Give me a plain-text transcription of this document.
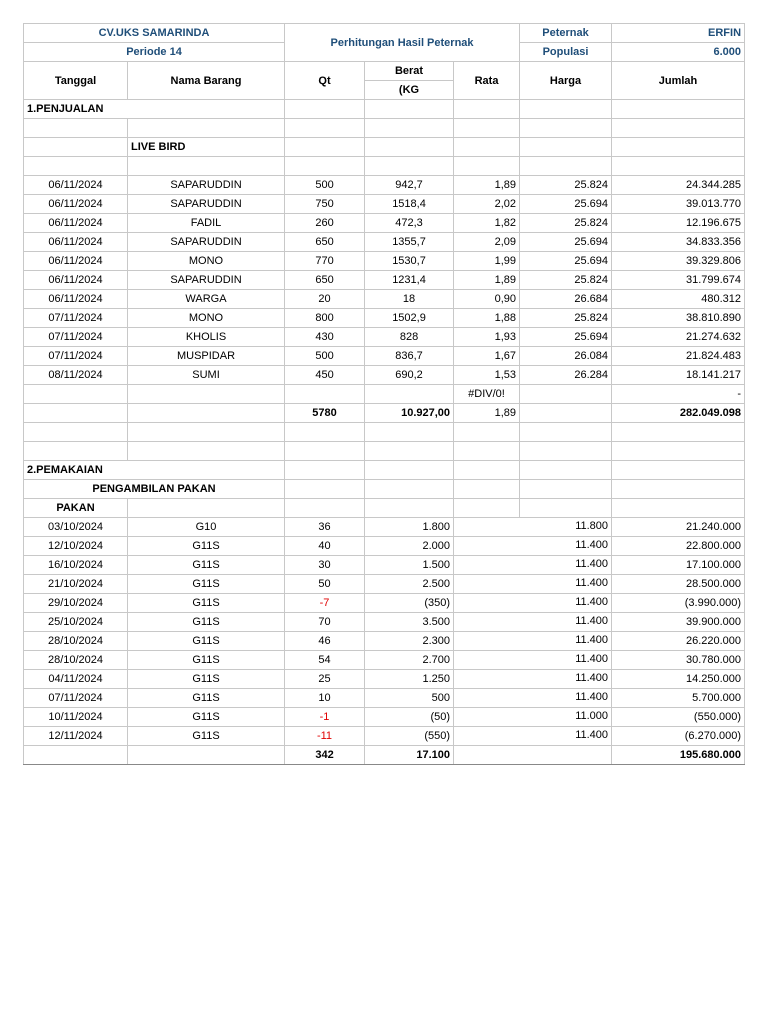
CV.UKS SAMARINDA		Perhitungan Hasil Peternak			Peternak	ERFIN
Periode 14					Populasi	6.000
Tanggal	Nama Barang	Qt	Berat	Rata	Harga	Jumlah
			(KG			
1.PENJUALAN						

	LIVE BIRD					

06/11/2024	SAPARUDDIN	500	942,7	1,89	25.824	24.344.285
06/11/2024	SAPARUDDIN	750	1518,4	2,02	25.694	39.013.770
06/11/2024	FADIL	260	472,3	1,82	25.824	12.196.675
06/11/2024	SAPARUDDIN	650	1355,7	2,09	25.694	34.833.356
06/11/2024	MONO	770	1530,7	1,99	25.694	39.329.806
06/11/2024	SAPARUDDIN	650	1231,4	1,89	25.824	31.799.674
06/11/2024	WARGA	20	18	0,90	26.684	480.312
07/11/2024	MONO	800	1502,9	1,88	25.824	38.810.890
07/11/2024	KHOLIS	430	828	1,93	25.694	21.274.632
07/11/2024	MUSPIDAR	500	836,7	1,67	26.084	21.824.483
08/11/2024	SUMI	450	690,2	1,53	26.284	18.141.217
				#DIV/0!		-
		5780	10.927,00	1,89		282.049.098

2.PEMAKAIAN						
PENGAMBILAN PAKAN						
PAKAN						
03/10/2024	G10	36	1.800	11.800		21.240.000
12/10/2024	G11S	40	2.000	11.400		22.800.000
16/10/2024	G11S	30	1.500	11.400		17.100.000
21/10/2024	G11S	50	2.500	11.400		28.500.000
29/10/2024	G11S	-7	(350)	11.400		(3.990.000)
25/10/2024	G11S	70	3.500	11.400		39.900.000
28/10/2024	G11S	46	2.300	11.400		26.220.000
28/10/2024	G11S	54	2.700	11.400		30.780.000
04/11/2024	G11S	25	1.250	11.400		14.250.000
07/11/2024	G11S	10	500	11.400		5.700.000
10/11/2024	G11S	-1	(50)	11.000		(550.000)
12/11/2024	G11S	-11	(550)	11.400		(6.270.000)
		342	17.100			195.680.000
